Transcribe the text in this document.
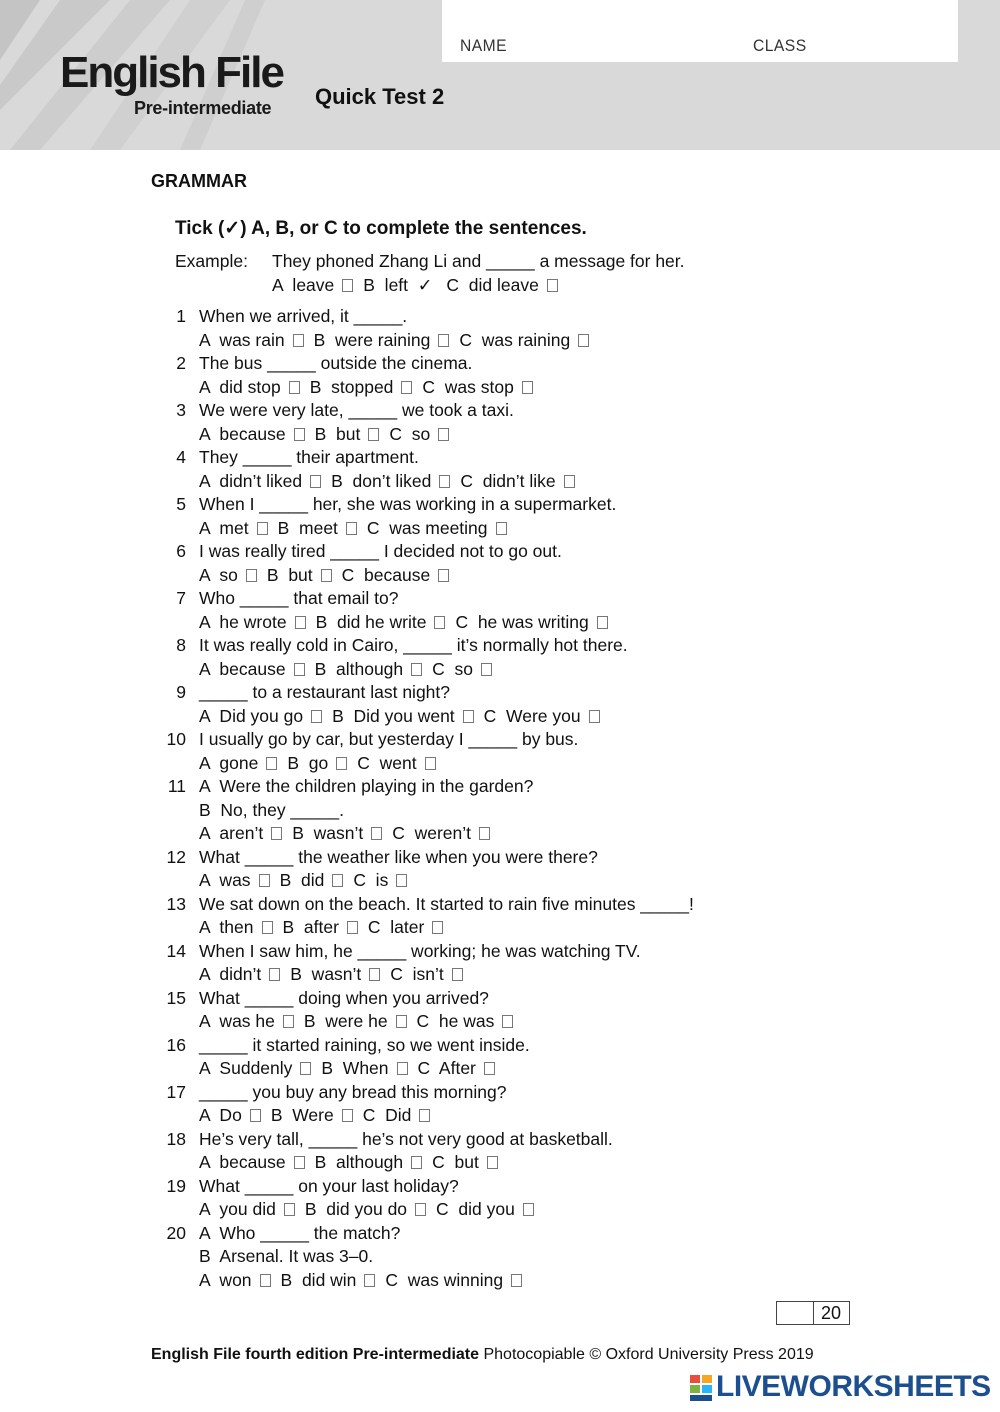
NAME	CLASS
English File
Pre-intermediate Quick Test 2
GRAMMAR
Tick (✓) A, B, or C to complete the sentences.
Example: They phoned Zhang Li and _____ a message for her.
A  leave B  left  ✓ C  did leave
1 When we arrived, it _____.
A  was rain B  were raining C  was raining
2 The bus _____ outside the cinema.
A  did stop B  stopped C  was stop
3 We were very late, _____ we took a taxi.
A  because B  but C  so
4 They _____ their apartment.
A  didn’t liked B  don’t liked C  didn’t like
5 When I _____ her, she was working in a supermarket.
A  met B  meet C  was meeting
6 I was really tired _____ I decided not to go out.
A  so B  but C  because
7 Who _____ that email to?
A  he wrote B  did he write C  he was writing
8 It was really cold in Cairo, _____ it’s normally hot there.
A  because B  although C  so
9 _____ to a restaurant last night?
A  Did you go B  Did you went C  Were you
10 I usually go by car, but yesterday I _____ by bus.
A  gone B  go C  went
11 A  Were the children playing in the garden?
B  No, they _____.
A  aren’t B  wasn’t C  weren’t
12 What _____ the weather like when you were there?
A  was B  did C  is
13 We sat down on the beach. It started to rain five minutes _____!
A  then B  after C  later
14 When I saw him, he _____ working; he was watching TV.
A  didn’t B  wasn’t C  isn’t
15 What _____ doing when you arrived?
A  was he B  were he C  he was
16 _____ it started raining, so we went inside.
A  Suddenly B  When C  After
17 _____ you buy any bread this morning?
A  Do B  Were C  Did
18 He’s very tall, _____ he’s not very good at basketball.
A  because B  although C  but
19 What _____ on your last holiday?
A  you did B  did you do C  did you
20 A  Who _____ the match?
B  Arsenal. It was 3–0.
A  won B  did win C  was winning
20
English File fourth edition Pre-intermediate Photocopiable © Oxford University Press 2019
LIVEWORKSHEETS
